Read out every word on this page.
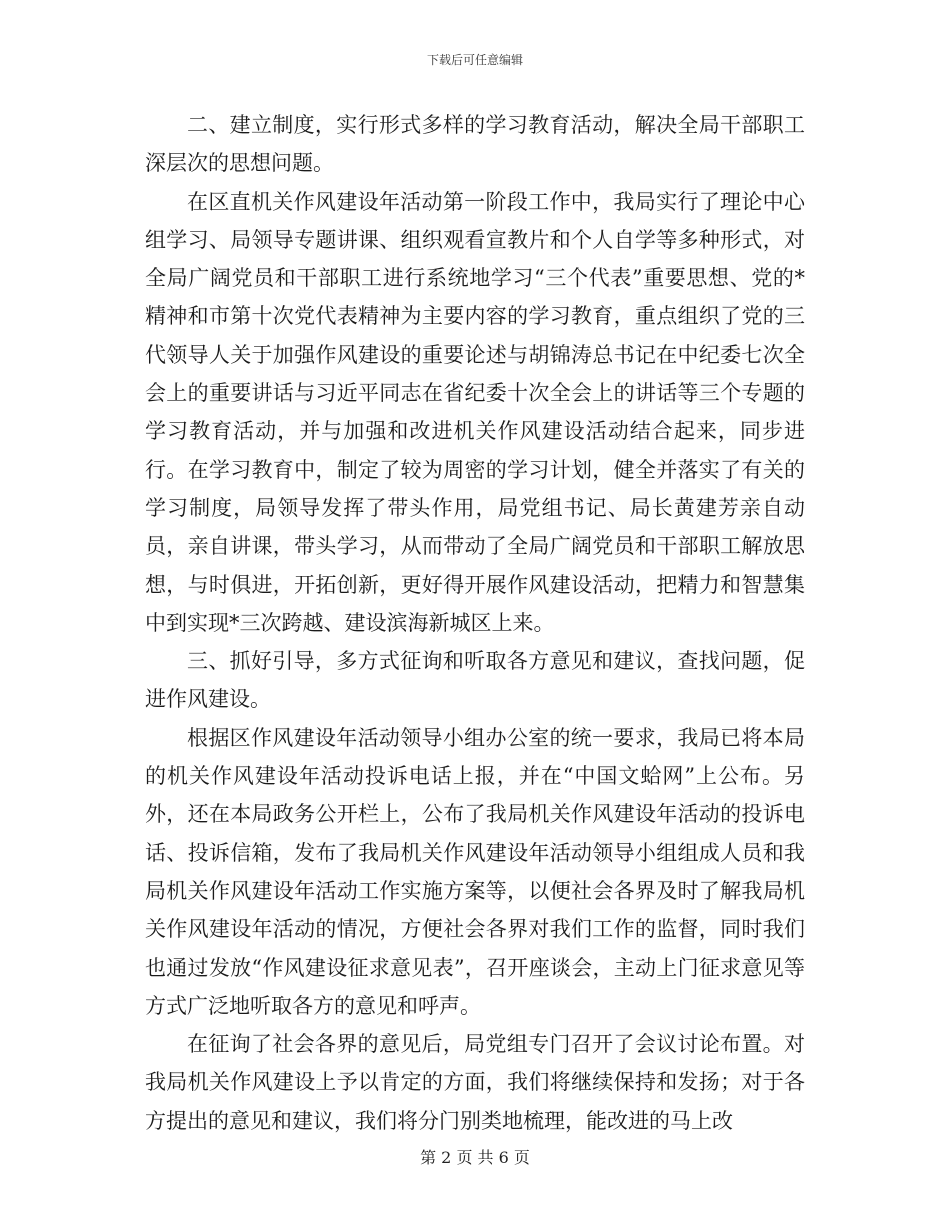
下载后可任意编辑

二、建立制度，实行形式多样的学习教育活动，解决全局干部职工深层次的思想问题。

在区直机关作风建设年活动第一阶段工作中，我局实行了理论中心组学习、局领导专题讲课、组织观看宣教片和个人自学等多种形式，对全局广阔党员和干部职工进行系统地学习“三个代表”重要思想、党的*精神和市第十次党代表精神为主要内容的学习教育，重点组织了党的三代领导人关于加强作风建设的重要论述与胡锦涛总书记在中纪委七次全会上的重要讲话与习近平同志在省纪委十次全会上的讲话等三个专题的学习教育活动，并与加强和改进机关作风建设活动结合起来，同步进行。在学习教育中，制定了较为周密的学习计划，健全并落实了有关的学习制度，局领导发挥了带头作用，局党组书记、局长黄建芳亲自动员，亲自讲课，带头学习，从而带动了全局广阔党员和干部职工解放思想，与时俱进，开拓创新，更好得开展作风建设活动，把精力和智慧集中到实现*三次跨越、建设滨海新城区上来。

三、抓好引导，多方式征询和听取各方意见和建议，查找问题，促进作风建设。

根据区作风建设年活动领导小组办公室的统一要求，我局已将本局的机关作风建设年活动投诉电话上报，并在“中国文蛤网”上公布。另外，还在本局政务公开栏上，公布了我局机关作风建设年活动的投诉电话、投诉信箱，发布了我局机关作风建设年活动领导小组组成人员和我局机关作风建设年活动工作实施方案等，以便社会各界及时了解我局机关作风建设年活动的情况，方便社会各界对我们工作的监督，同时我们也通过发放“作风建设征求意见表”，召开座谈会，主动上门征求意见等方式广泛地听取各方的意见和呼声。

在征询了社会各界的意见后，局党组专门召开了会议讨论布置。对我局机关作风建设上予以肯定的方面，我们将继续保持和发扬；对于各方提出的意见和建议，我们将分门别类地梳理，能改进的马上改

第 2 页 共 6 页
